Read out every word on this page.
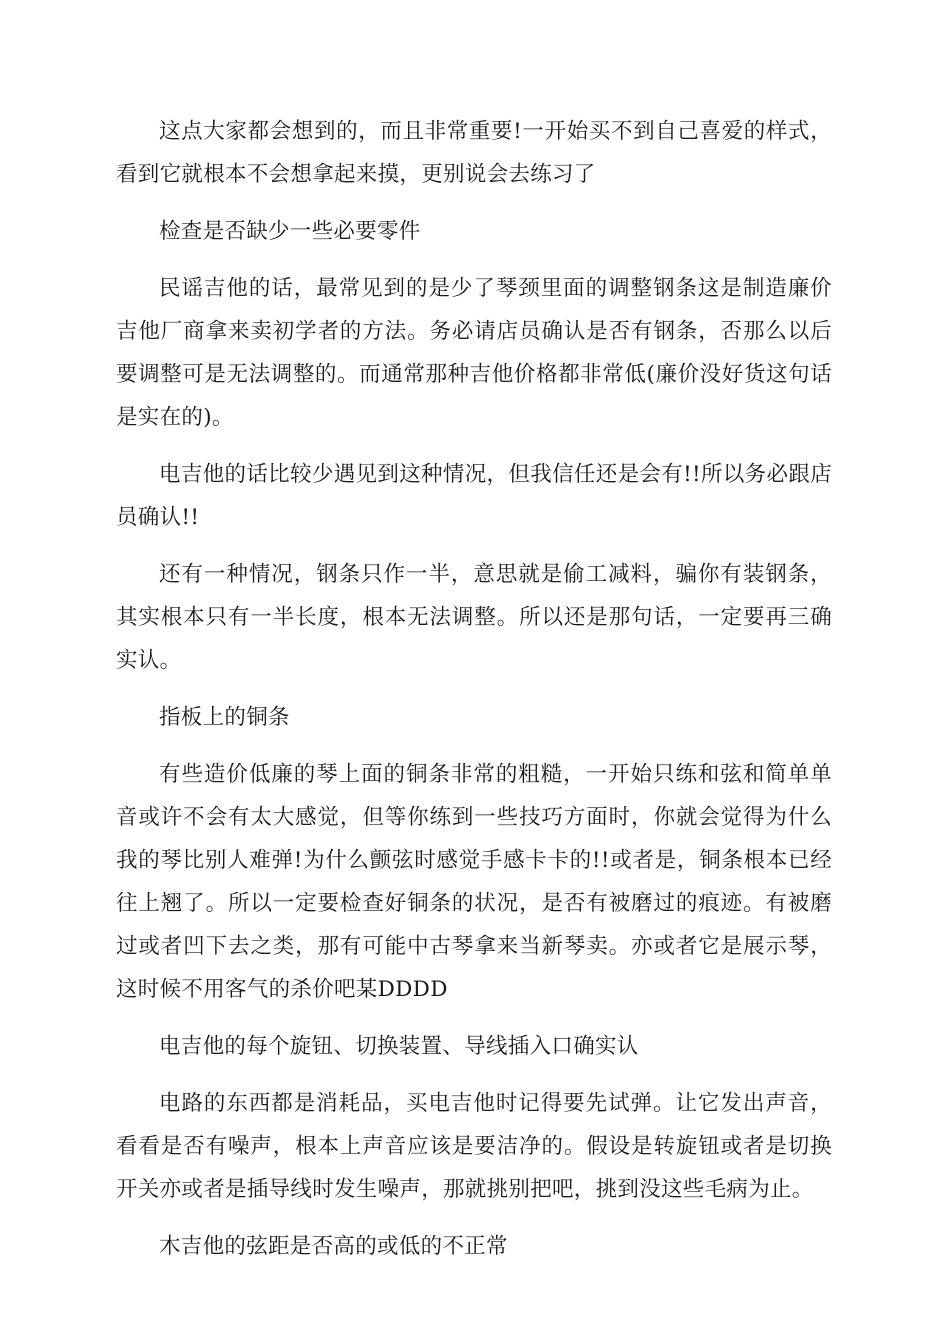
这点大家都会想到的，而且非常重要!一开始买不到自己喜爱的样式，看到它就根本不会想拿起来摸，更别说会去练习了

检查是否缺少一些必要零件

民谣吉他的话，最常见到的是少了琴颈里面的调整钢条这是制造廉价吉他厂商拿来卖初学者的方法。务必请店员确认是否有钢条，否那么以后要调整可是无法调整的。而通常那种吉他价格都非常低(廉价没好货这句话是实在的)。

电吉他的话比较少遇见到这种情况，但我信任还是会有!!所以务必跟店员确认!!

还有一种情况，钢条只作一半，意思就是偷工减料，骗你有装钢条，其实根本只有一半长度，根本无法调整。所以还是那句话，一定要再三确实认。

指板上的铜条

有些造价低廉的琴上面的铜条非常的粗糙，一开始只练和弦和简单单音或许不会有太大感觉，但等你练到一些技巧方面时，你就会觉得为什么我的琴比别人难弹!为什么颤弦时感觉手感卡卡的!!或者是，铜条根本已经往上翘了。所以一定要检查好铜条的状况，是否有被磨过的痕迹。有被磨过或者凹下去之类，那有可能中古琴拿来当新琴卖。亦或者它是展示琴，这时候不用客气的杀价吧某DDDD

电吉他的每个旋钮、切换装置、导线插入口确实认

电路的东西都是消耗品，买电吉他时记得要先试弹。让它发出声音，看看是否有噪声，根本上声音应该是要洁净的。假设是转旋钮或者是切换开关亦或者是插导线时发生噪声，那就挑别把吧，挑到没这些毛病为止。

木吉他的弦距是否高的或低的不正常
